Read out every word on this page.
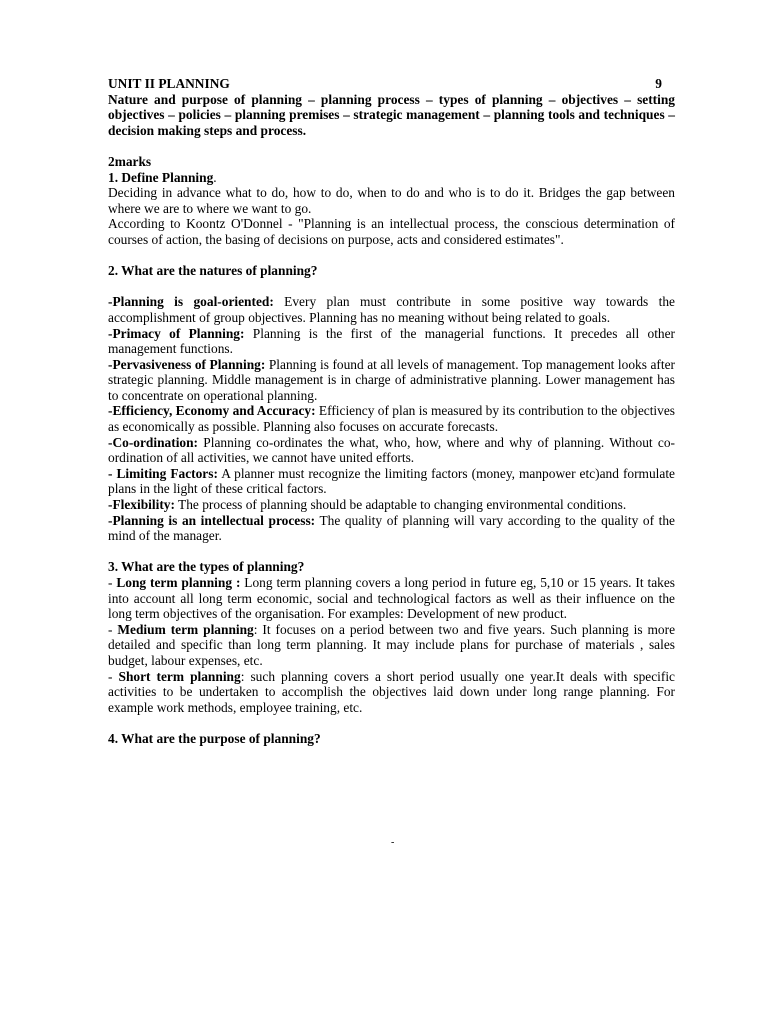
UNIT II PLANNING	9

Nature and purpose of planning – planning process – types of planning – objectives – setting objectives – policies – planning premises – strategic management – planning tools and techniques – decision making steps and process.

2marks

1. Define Planning.

Deciding in advance what to do, how to do, when to do and who is to do it. Bridges the gap between where we are to where we want to go.

According to Koontz O'Donnel - "Planning is an intellectual process, the conscious determination of courses of action, the basing of decisions on purpose, acts and considered estimates".

2. What are the natures of planning?

-Planning is goal-oriented: Every plan must contribute in some positive way towards the accomplishment of group objectives. Planning has no meaning without being related to goals.

-Primacy of Planning: Planning is the first of the managerial functions. It precedes all other management functions.

-Pervasiveness of Planning: Planning is found at all levels of management. Top management looks after strategic planning. Middle management is in charge of administrative planning. Lower management has to concentrate on operational planning.

-Efficiency, Economy and Accuracy: Efficiency of plan is measured by its contribution to the objectives as economically as possible. Planning also focuses on accurate forecasts.

-Co-ordination: Planning co-ordinates the what, who, how, where and why of planning. Without co-ordination of all activities, we cannot have united efforts.

- Limiting Factors: A planner must recognize the limiting factors (money, manpower etc)and formulate plans in the light of these critical factors.

-Flexibility: The process of planning should be adaptable to changing environmental conditions.

-Planning is an intellectual process: The quality of planning will vary according to the quality of the mind of the manager.

3. What are the types of planning?

- Long term planning : Long term planning covers a long period in future eg, 5,10 or 15 years. It takes into account all long term economic, social and technological factors as well as their influence on the long term objectives of the organisation. For examples: Development of new product.

- Medium term planning: It focuses on a period between two and five years. Such planning is more detailed and specific than long term planning. It may include plans for purchase of materials , sales budget, labour expenses, etc.

- Short term planning: such planning covers a short period usually one year.It deals with specific activities to be undertaken to accomplish the objectives laid down under long range planning. For example work methods, employee training, etc.

4. What are the purpose of planning?

-
